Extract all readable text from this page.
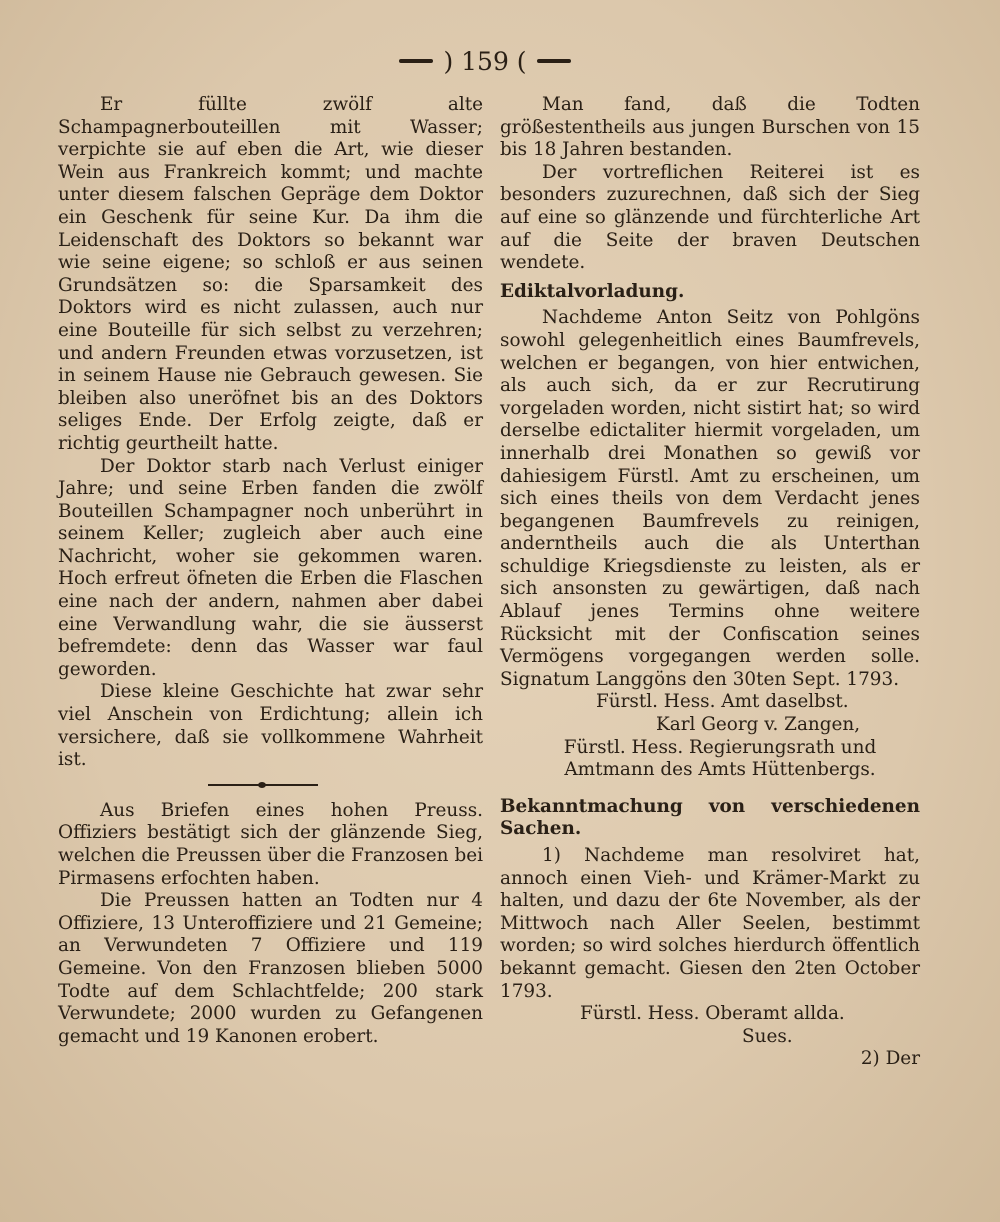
) 159 (

Er füllte zwölf alte Schampagnerbouteillen mit Wasser; verpichte sie auf eben die Art, wie dieser Wein aus Frankreich kommt; und machte unter diesem falschen Gepräge dem Doktor ein Geschenk für seine Kur. Da ihm die Leidenschaft des Doktors so bekannt war wie seine eigene; so schloß er aus seinen Grundsätzen so: die Sparsamkeit des Doktors wird es nicht zulassen, auch nur eine Bouteille für sich selbst zu verzehren; und andern Freunden etwas vorzusetzen, ist in seinem Hause nie Gebrauch gewesen. Sie bleiben also uneröfnet bis an des Doktors seliges Ende. Der Erfolg zeigte, daß er richtig geurtheilt hatte.

Der Doktor starb nach Verlust einiger Jahre; und seine Erben fanden die zwölf Bouteillen Schampagner noch unberührt in seinem Keller; zugleich aber auch eine Nachricht, woher sie gekommen waren. Hoch erfreut öfneten die Erben die Flaschen eine nach der andern, nahmen aber dabei eine Verwandlung wahr, die sie äusserst befremdete: denn das Wasser war faul geworden.

Diese kleine Geschichte hat zwar sehr viel Anschein von Erdichtung; allein ich versichere, daß sie vollkommene Wahrheit ist.

Aus Briefen eines hohen Preuss. Offiziers bestätigt sich der glänzende Sieg, welchen die Preussen über die Franzosen bei Pirmasens erfochten haben.

Die Preussen hatten an Todten nur 4 Offiziere, 13 Unteroffiziere und 21 Gemeine; an Verwundeten 7 Offiziere und 119 Gemeine. Von den Franzosen blieben 5000 Todte auf dem Schlachtfelde; 200 stark Verwundete; 2000 wurden zu Gefangenen gemacht und 19 Kanonen erobert.

Man fand, daß die Todten größestentheils aus jungen Burschen von 15 bis 18 Jahren bestanden.

Der vortreflichen Reiterei ist es besonders zuzurechnen, daß sich der Sieg auf eine so glänzende und fürchterliche Art auf die Seite der braven Deutschen wendete.

Ediktalvorladung.

Nachdeme Anton Seitz von Pohlgöns sowohl gelegenheitlich eines Baumfrevels, welchen er begangen, von hier entwichen, als auch sich, da er zur Recrutirung vorgeladen worden, nicht sistirt hat; so wird derselbe edictaliter hiermit vorgeladen, um innerhalb drei Monathen so gewiß vor dahiesigem Fürstl. Amt zu erscheinen, um sich eines theils von dem Verdacht jenes begangenen Baumfrevels zu reinigen, anderntheils auch die als Unterthan schuldige Kriegsdienste zu leisten, als er sich ansonsten zu gewärtigen, daß nach Ablauf jenes Termins ohne weitere Rücksicht mit der Confiscation seines Vermögens vorgegangen werden solle. Signatum Langgöns den 30ten Sept. 1793.

Fürstl. Hess. Amt daselbst.

Karl Georg v. Zangen,

Fürstl. Hess. Regierungsrath und Amtmann des Amts Hüttenbergs.

Bekanntmachung von verschiedenen Sachen.

1) Nachdeme man resolviret hat, annoch einen Vieh- und Krämer-Markt zu halten, und dazu der 6te November, als der Mittwoch nach Aller Seelen, bestimmt worden; so wird solches hierdurch öffentlich bekannt gemacht. Giesen den 2ten October 1793.

Fürstl. Hess. Oberamt allda.

Sues.

2) Der
